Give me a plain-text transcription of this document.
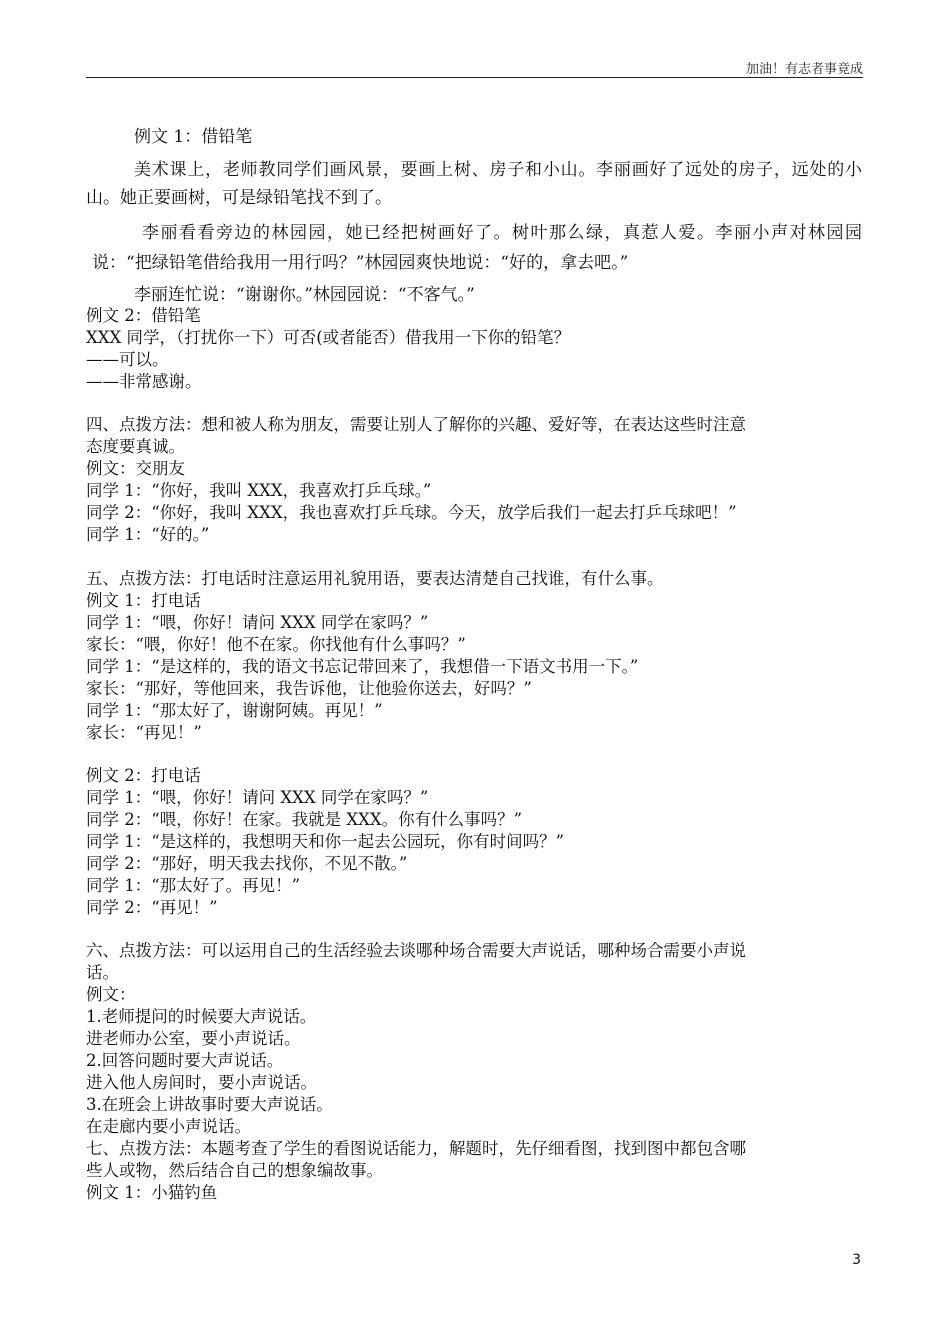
加油！有志者事竟成
例文 1：借铅笔
美术课上，老师教同学们画风景，要画上树、房子和小山。李丽画好了远处的房子，远处的小山。她正要画树，可是绿铅笔找不到了。
李丽看看旁边的林园园，她已经把树画好了。树叶那么绿，真惹人爱。李丽小声对林园园说：“把绿铅笔借给我用一用行吗？”林园园爽快地说：“好的，拿去吧。”
李丽连忙说：“谢谢你。”林园园说：“不客气。”
例文 2：借铅笔
XXX 同学，（打扰你一下）可否(或者能否）借我用一下你的铅笔？
——可以。
——非常感谢。
四、点拨方法：想和被人称为朋友，需要让别人了解你的兴趣、爱好等，在表达这些时注意
态度要真诚。
例文：交朋友
同学 1：“你好，我叫 XXX，我喜欢打乒乓球。”
同学 2：“你好，我叫 XXX，我也喜欢打乒乓球。今天，放学后我们一起去打乒乓球吧！”
同学 1：“好的。”
五、点拨方法：打电话时注意运用礼貌用语，要表达清楚自己找谁，有什么事。
例文 1：打电话
同学 1：“喂，你好！请问 XXX 同学在家吗？”
家长：“喂，你好！他不在家。你找他有什么事吗？”
同学 1：“是这样的，我的语文书忘记带回来了，我想借一下语文书用一下。”
家长：“那好，等他回来，我告诉他，让他验你送去，好吗？”
同学 1：“那太好了，谢谢阿姨。再见！”
家长：“再见！”
例文 2：打电话
同学 1：“喂，你好！请问 XXX 同学在家吗？”
同学 2：“喂，你好！在家。我就是 XXX。你有什么事吗？”
同学 1：“是这样的，我想明天和你一起去公园玩，你有时间吗？”
同学 2：“那好，明天我去找你，不见不散。”
同学 1：“那太好了。再见！”
同学 2：“再见！”
六、点拨方法：可以运用自己的生活经验去谈哪种场合需要大声说话，哪种场合需要小声说
话。
例文：
1.老师提问的时候要大声说话。
进老师办公室，要小声说话。
2.回答问题时要大声说话。
进入他人房间时，要小声说话。
3.在班会上讲故事时要大声说话。
在走廊内要小声说话。
七、点拨方法：本题考查了学生的看图说话能力，解题时，先仔细看图，找到图中都包含哪
些人或物，然后结合自己的想象编故事。
例文 1：小猫钓鱼
3
